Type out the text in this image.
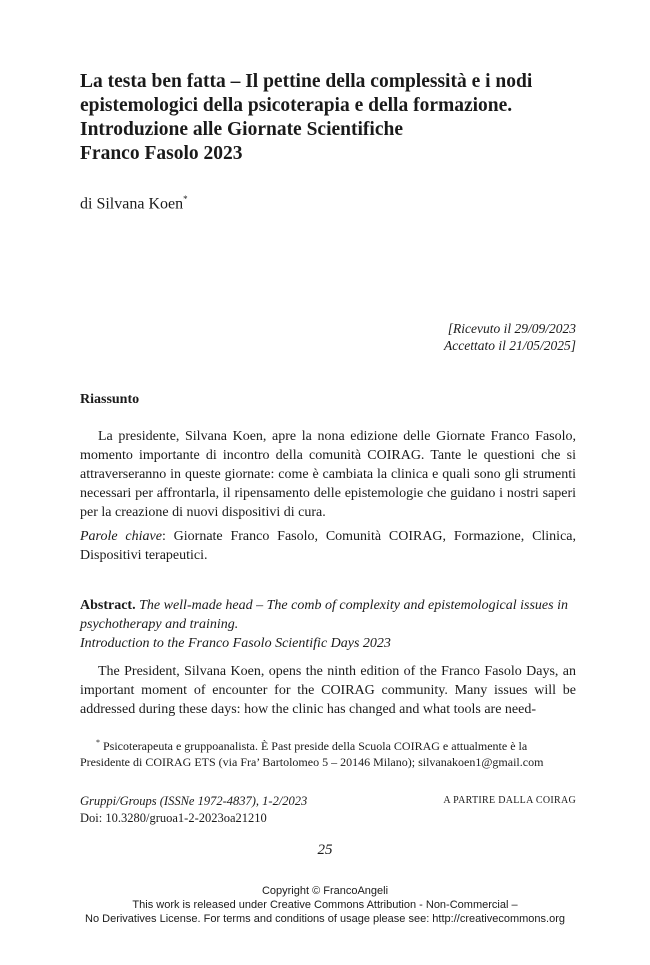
La testa ben fatta – Il pettine della complessità e i nodi
epistemologici della psicoterapia e della formazione.
Introduzione alle Giornate Scientifiche
Franco Fasolo 2023
di Silvana Koen*
[Ricevuto il 29/09/2023
Accettato il 21/05/2025]
Riassunto

La presidente, Silvana Koen, apre la nona edizione delle Giornate Franco Fasolo, momento importante di incontro della comunità COIRAG. Tante le questioni che si attraverseranno in queste giornate: come è cambiata la clinica e quali sono gli strumenti necessari per affrontarla, il ripensamento delle epistemologie che guidano i nostri saperi per la creazione di nuovi dispositivi di cura.

Parole chiave: Giornate Franco Fasolo, Comunità COIRAG, Formazione, Clinica, Dispositivi terapeutici.

Abstract. The well-made head – The comb of complexity and epistemological issues in psychotherapy and training.
Introduction to the Franco Fasolo Scientific Days 2023

The President, Silvana Koen, opens the ninth edition of the Franco Fasolo Days, an important moment of encounter for the COIRAG community. Many issues will be addressed during these days: how the clinic has changed and what tools are need-

* Psicoterapeuta e gruppoanalista. È Past preside della Scuola COIRAG e attualmente è la Presidente di COIRAG ETS (via Fra’ Bartolomeo 5 – 20146 Milano); silvanakoen1@gmail.com
Gruppi/Groups (ISSNe 1972-4837), 1-2/2023
Doi: 10.3280/gruoa1-2-2023oa21210
A PARTIRE DALLA COIRAG
25
Copyright © FrancoAngeli
This work is released under Creative Commons Attribution - Non-Commercial –
No Derivatives License. For terms and conditions of usage please see: http://creativecommons.org
